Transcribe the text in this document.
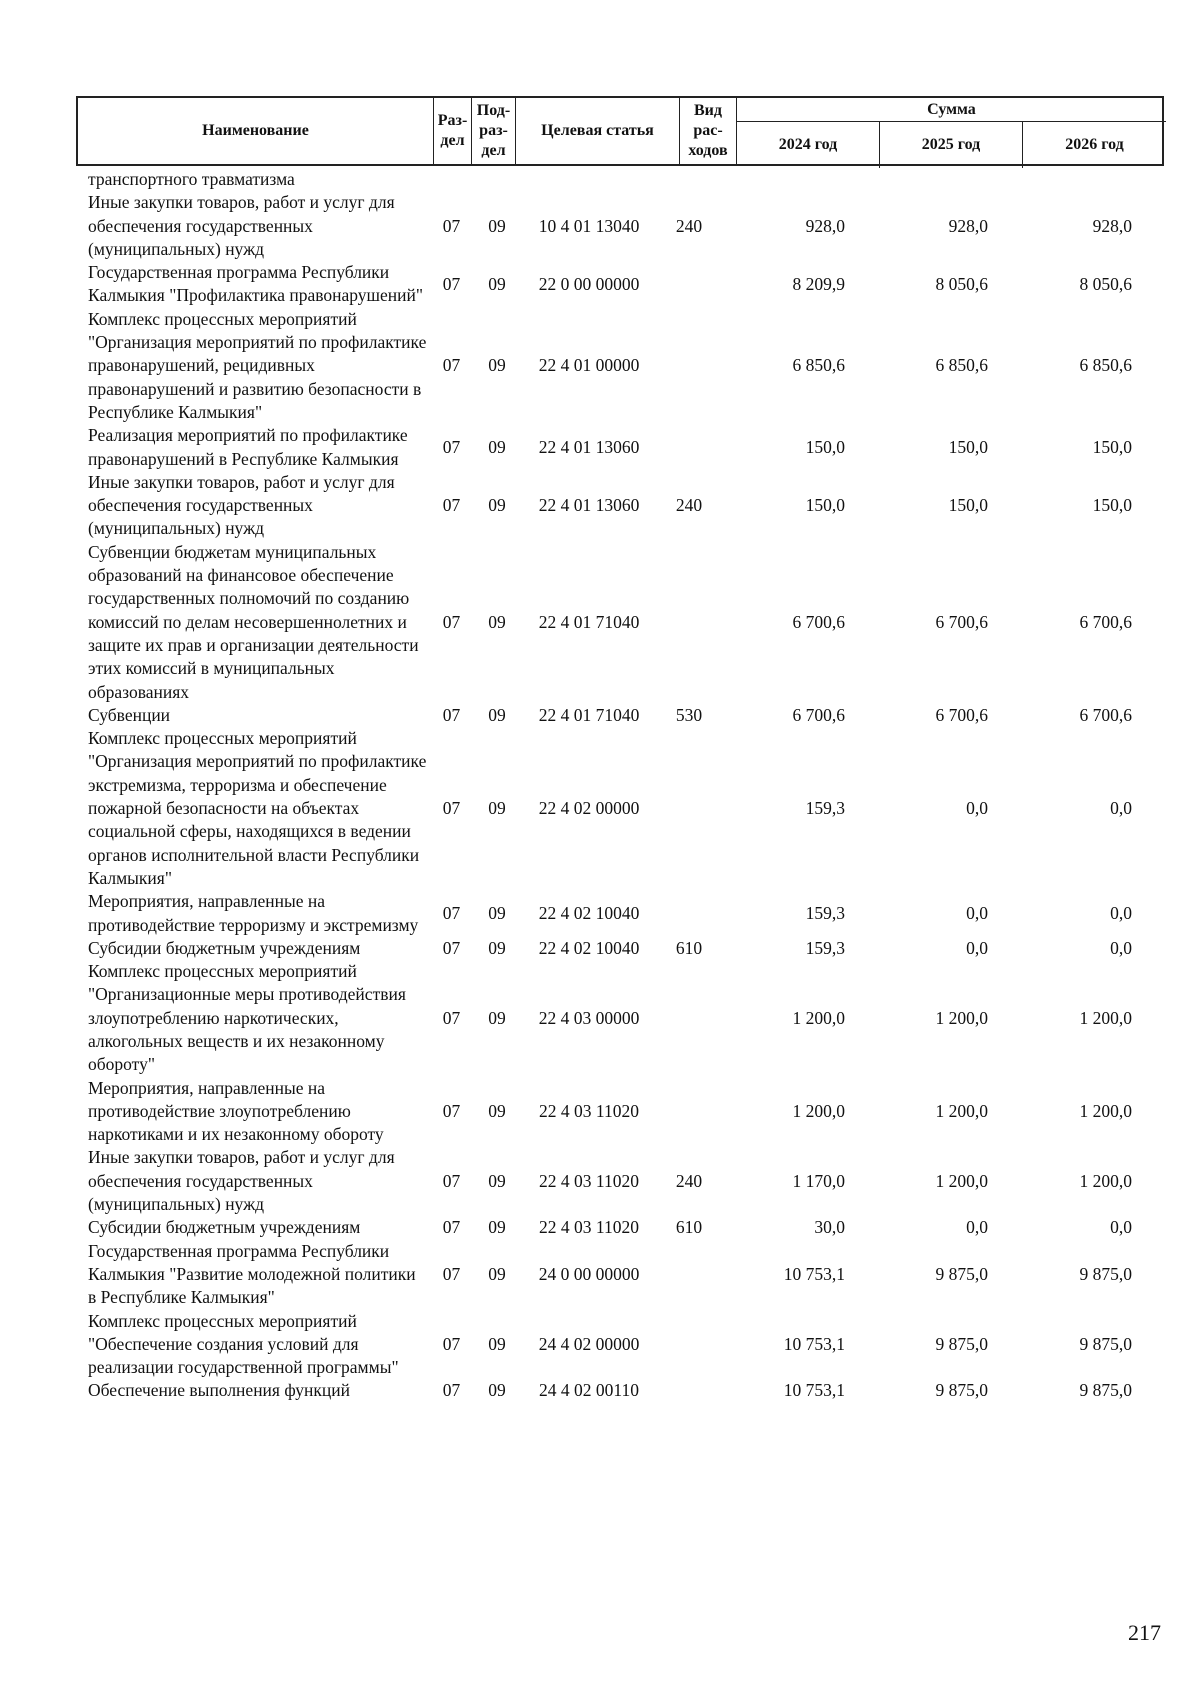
Наименование
Раз-дел
Под-раз-дел
Целевая статья
Вид рас-ходов
Сумма
2024 год	2025 год	2026 год
транспортного травматизма
Иные закупки товаров, работ и услуг для обеспечения государственных (муниципальных) нужд
07	09	10 4 01 13040	240	928,0	928,0	928,0
Государственная программа Республики Калмыкия "Профилактика правонарушений"
07	09	22 0 00 00000	8 209,9	8 050,6	8 050,6
Комплекс процессных мероприятий "Организация мероприятий по профилактике правонарушений, рецидивных правонарушений и развитию безопасности в Республике Калмыкия"
07	09	22 4 01 00000	6 850,6	6 850,6	6 850,6
Реализация мероприятий по профилактике правонарушений в Республике Калмыкия
07	09	22 4 01 13060	150,0	150,0	150,0
Иные закупки товаров, работ и услуг для обеспечения государственных (муниципальных) нужд
07	09	22 4 01 13060	240	150,0	150,0	150,0
Субвенции бюджетам муниципальных образований на финансовое обеспечение государственных полномочий по созданию комиссий по делам несовершеннолетних и защите их прав и организации деятельности этих комиссий в муниципальных образованиях
07	09	22 4 01 71040	6 700,6	6 700,6	6 700,6
Субвенции	07	09	22 4 01 71040	530	6 700,6	6 700,6	6 700,6
Комплекс процессных мероприятий "Организация мероприятий по профилактике экстремизма, терроризма и обеспечение пожарной безопасности на объектах социальной сферы, находящихся в ведении органов исполнительной власти Республики Калмыкия"
07	09	22 4 02 00000	159,3	0,0	0,0
Мероприятия, направленные на противодействие терроризму и экстремизму
07	09	22 4 02 10040	159,3	0,0	0,0
Субсидии бюджетным учреждениям	07	09	22 4 02 10040	610	159,3	0,0	0,0
Комплекс процессных мероприятий "Организационные меры противодействия злоупотреблению наркотических, алкогольных веществ и их незаконному обороту"
07	09	22 4 03 00000	1 200,0	1 200,0	1 200,0
Мероприятия, направленные на противодействие злоупотреблению наркотиками и их незаконному обороту
07	09	22 4 03 11020	1 200,0	1 200,0	1 200,0
Иные закупки товаров, работ и услуг для обеспечения государственных (муниципальных) нужд
07	09	22 4 03 11020	240	1 170,0	1 200,0	1 200,0
Субсидии бюджетным учреждениям	07	09	22 4 03 11020	610	30,0	0,0	0,0
Государственная программа Республики Калмыкия "Развитие молодежной политики в Республике Калмыкия"
07	09	24 0 00 00000	10 753,1	9 875,0	9 875,0
Комплекс процессных мероприятий "Обеспечение создания условий для реализации государственной программы"
07	09	24 4 02 00000	10 753,1	9 875,0	9 875,0
Обеспечение выполнения функций	07	09	24 4 02 00110	10 753,1	9 875,0	9 875,0
217
